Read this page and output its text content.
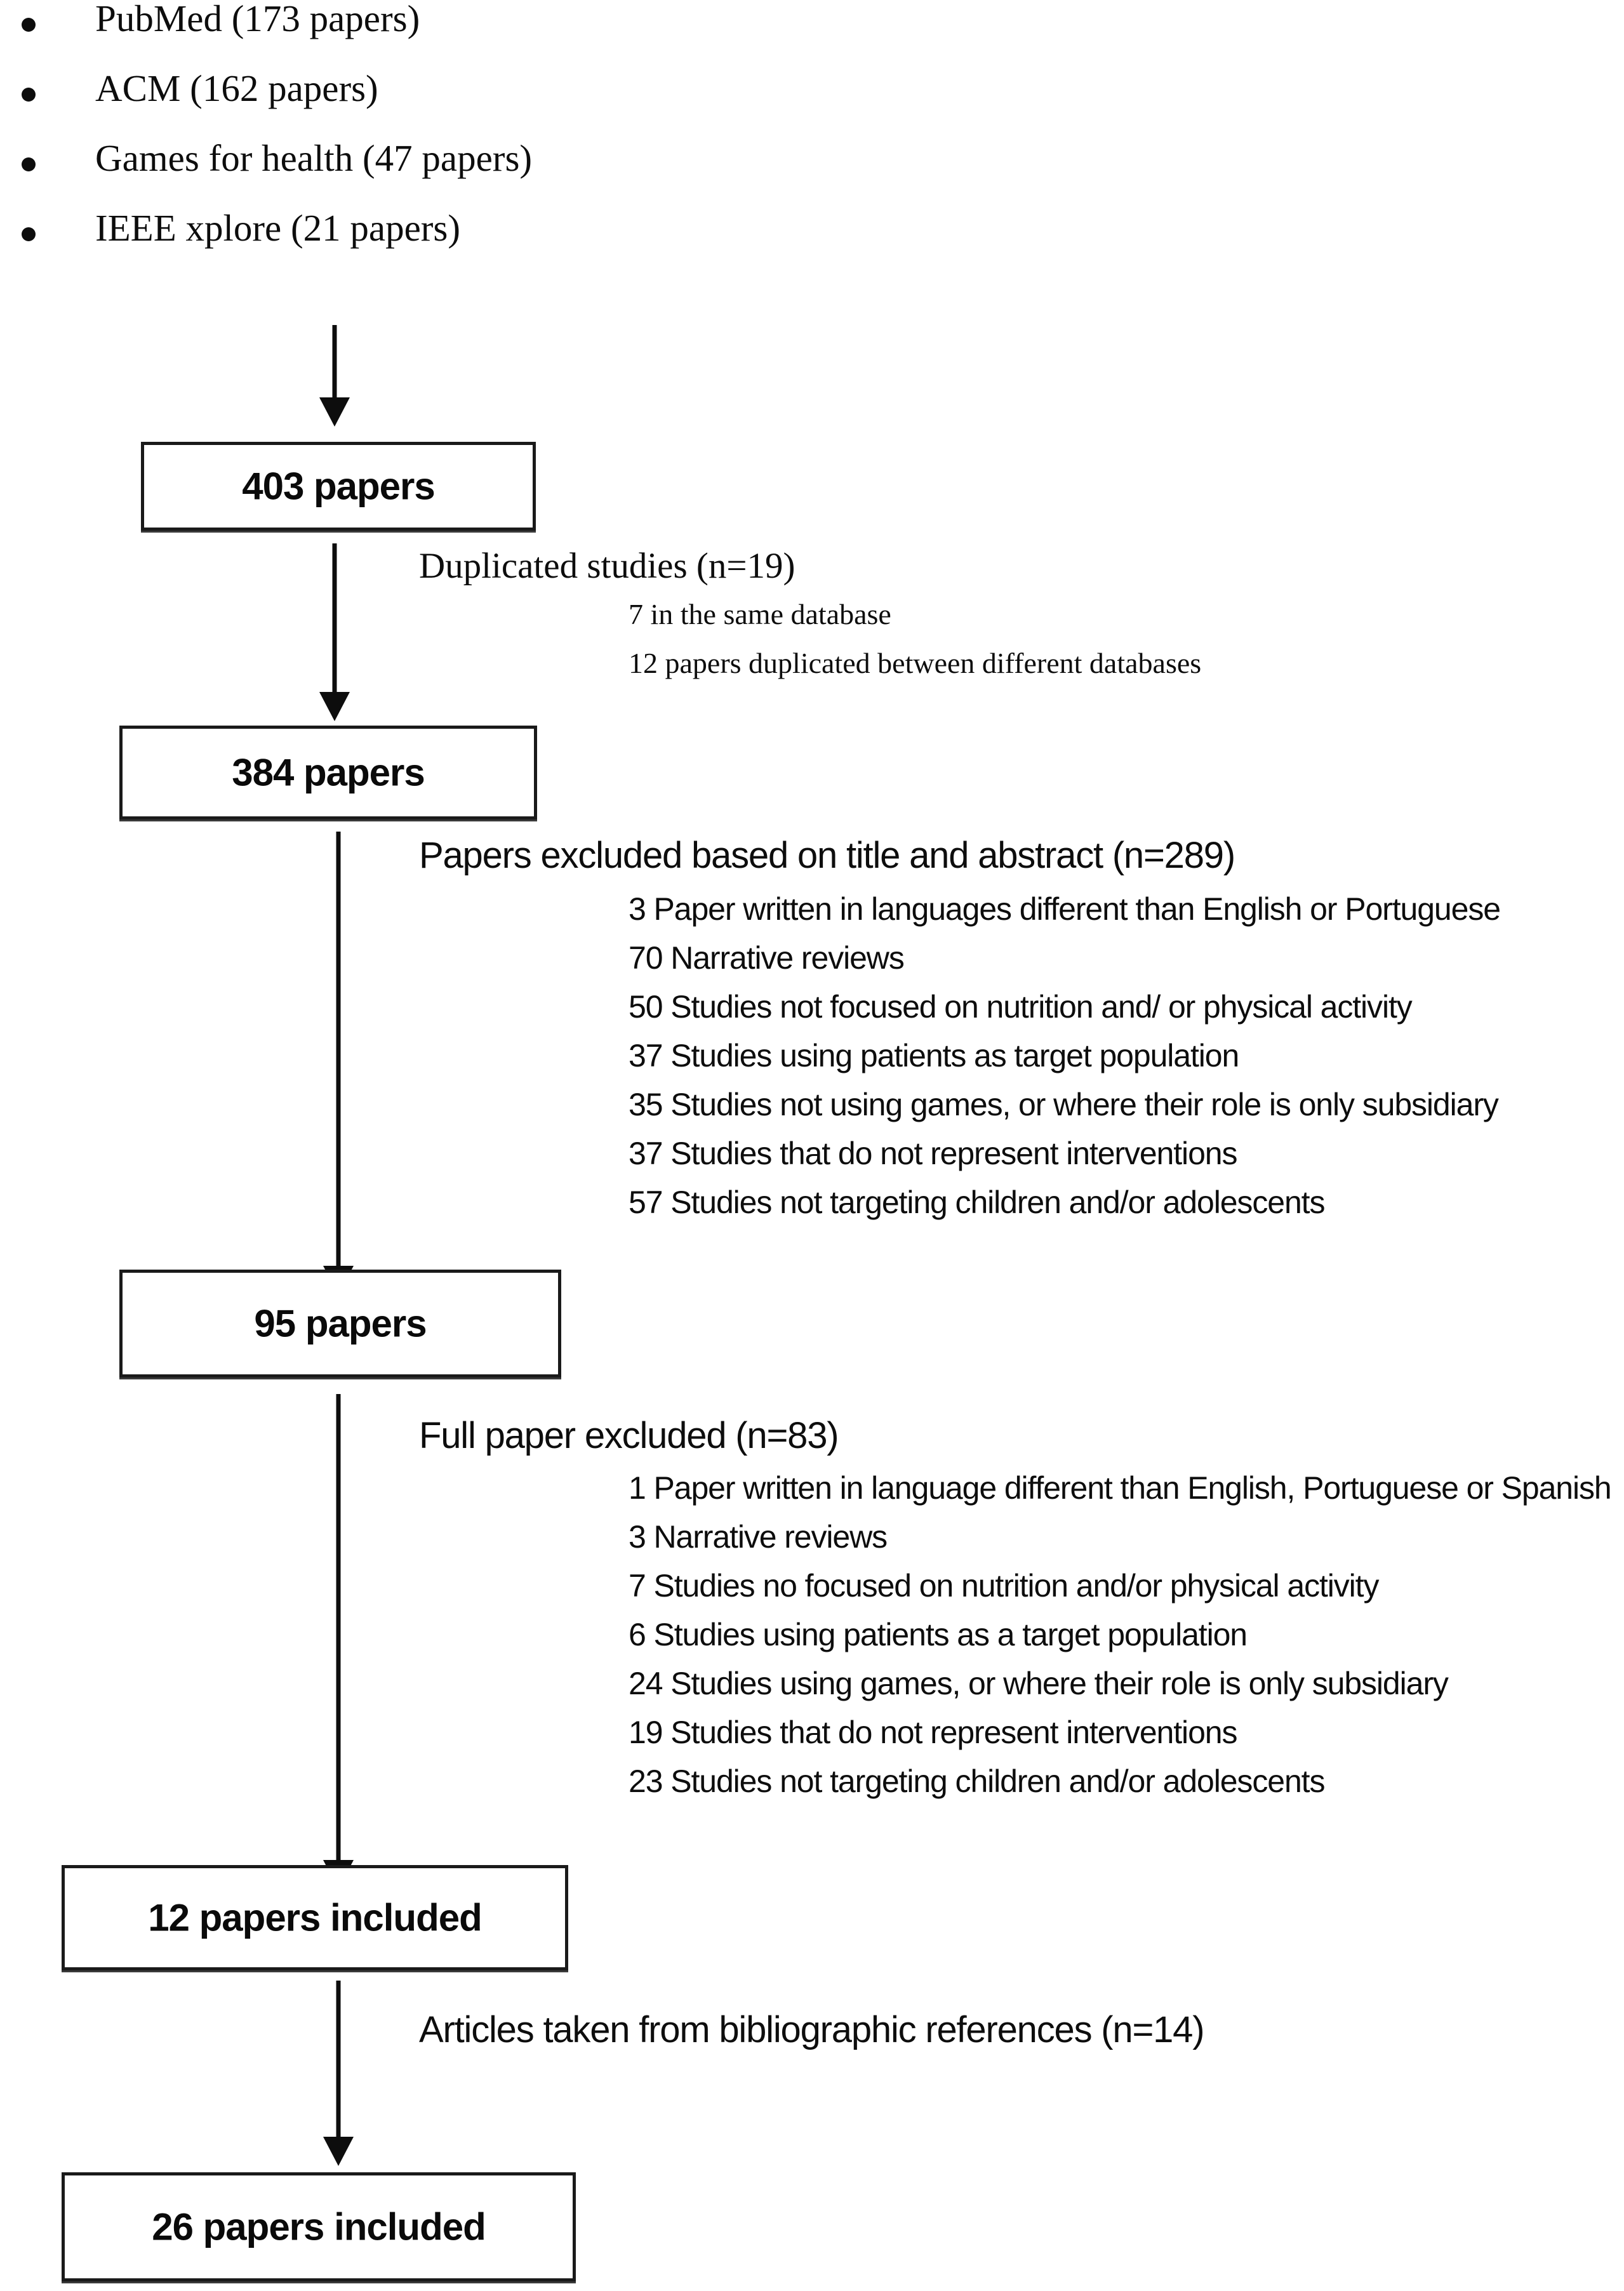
PubMed (173 papers)
ACM (162 papers)
Games for health (47 papers)
IEEE xplore (21 papers)
403 papers

Duplicated studies (n=19)

7 in the same database
12 papers duplicated between different databases
384 papers

Papers excluded based on title and abstract (n=289)

3 Paper written in languages different than English or Portuguese
70 Narrative reviews
50 Studies not focused on nutrition and/ or physical activity
37 Studies using patients as target population
35 Studies not using games, or where their role is only subsidiary
37 Studies that do not represent interventions
57 Studies not targeting children and/or adolescents
95 papers

Full paper excluded (n=83)

1 Paper written in language different than English, Portuguese or Spanish
3 Narrative reviews
7 Studies no focused on nutrition and/or physical activity
6 Studies using patients as a target population
24 Studies using games, or where their role is only subsidiary
19 Studies that do not represent interventions
23 Studies not targeting children and/or adolescents
12 papers included

Articles taken from bibliographic references (n=14)

26 papers included
